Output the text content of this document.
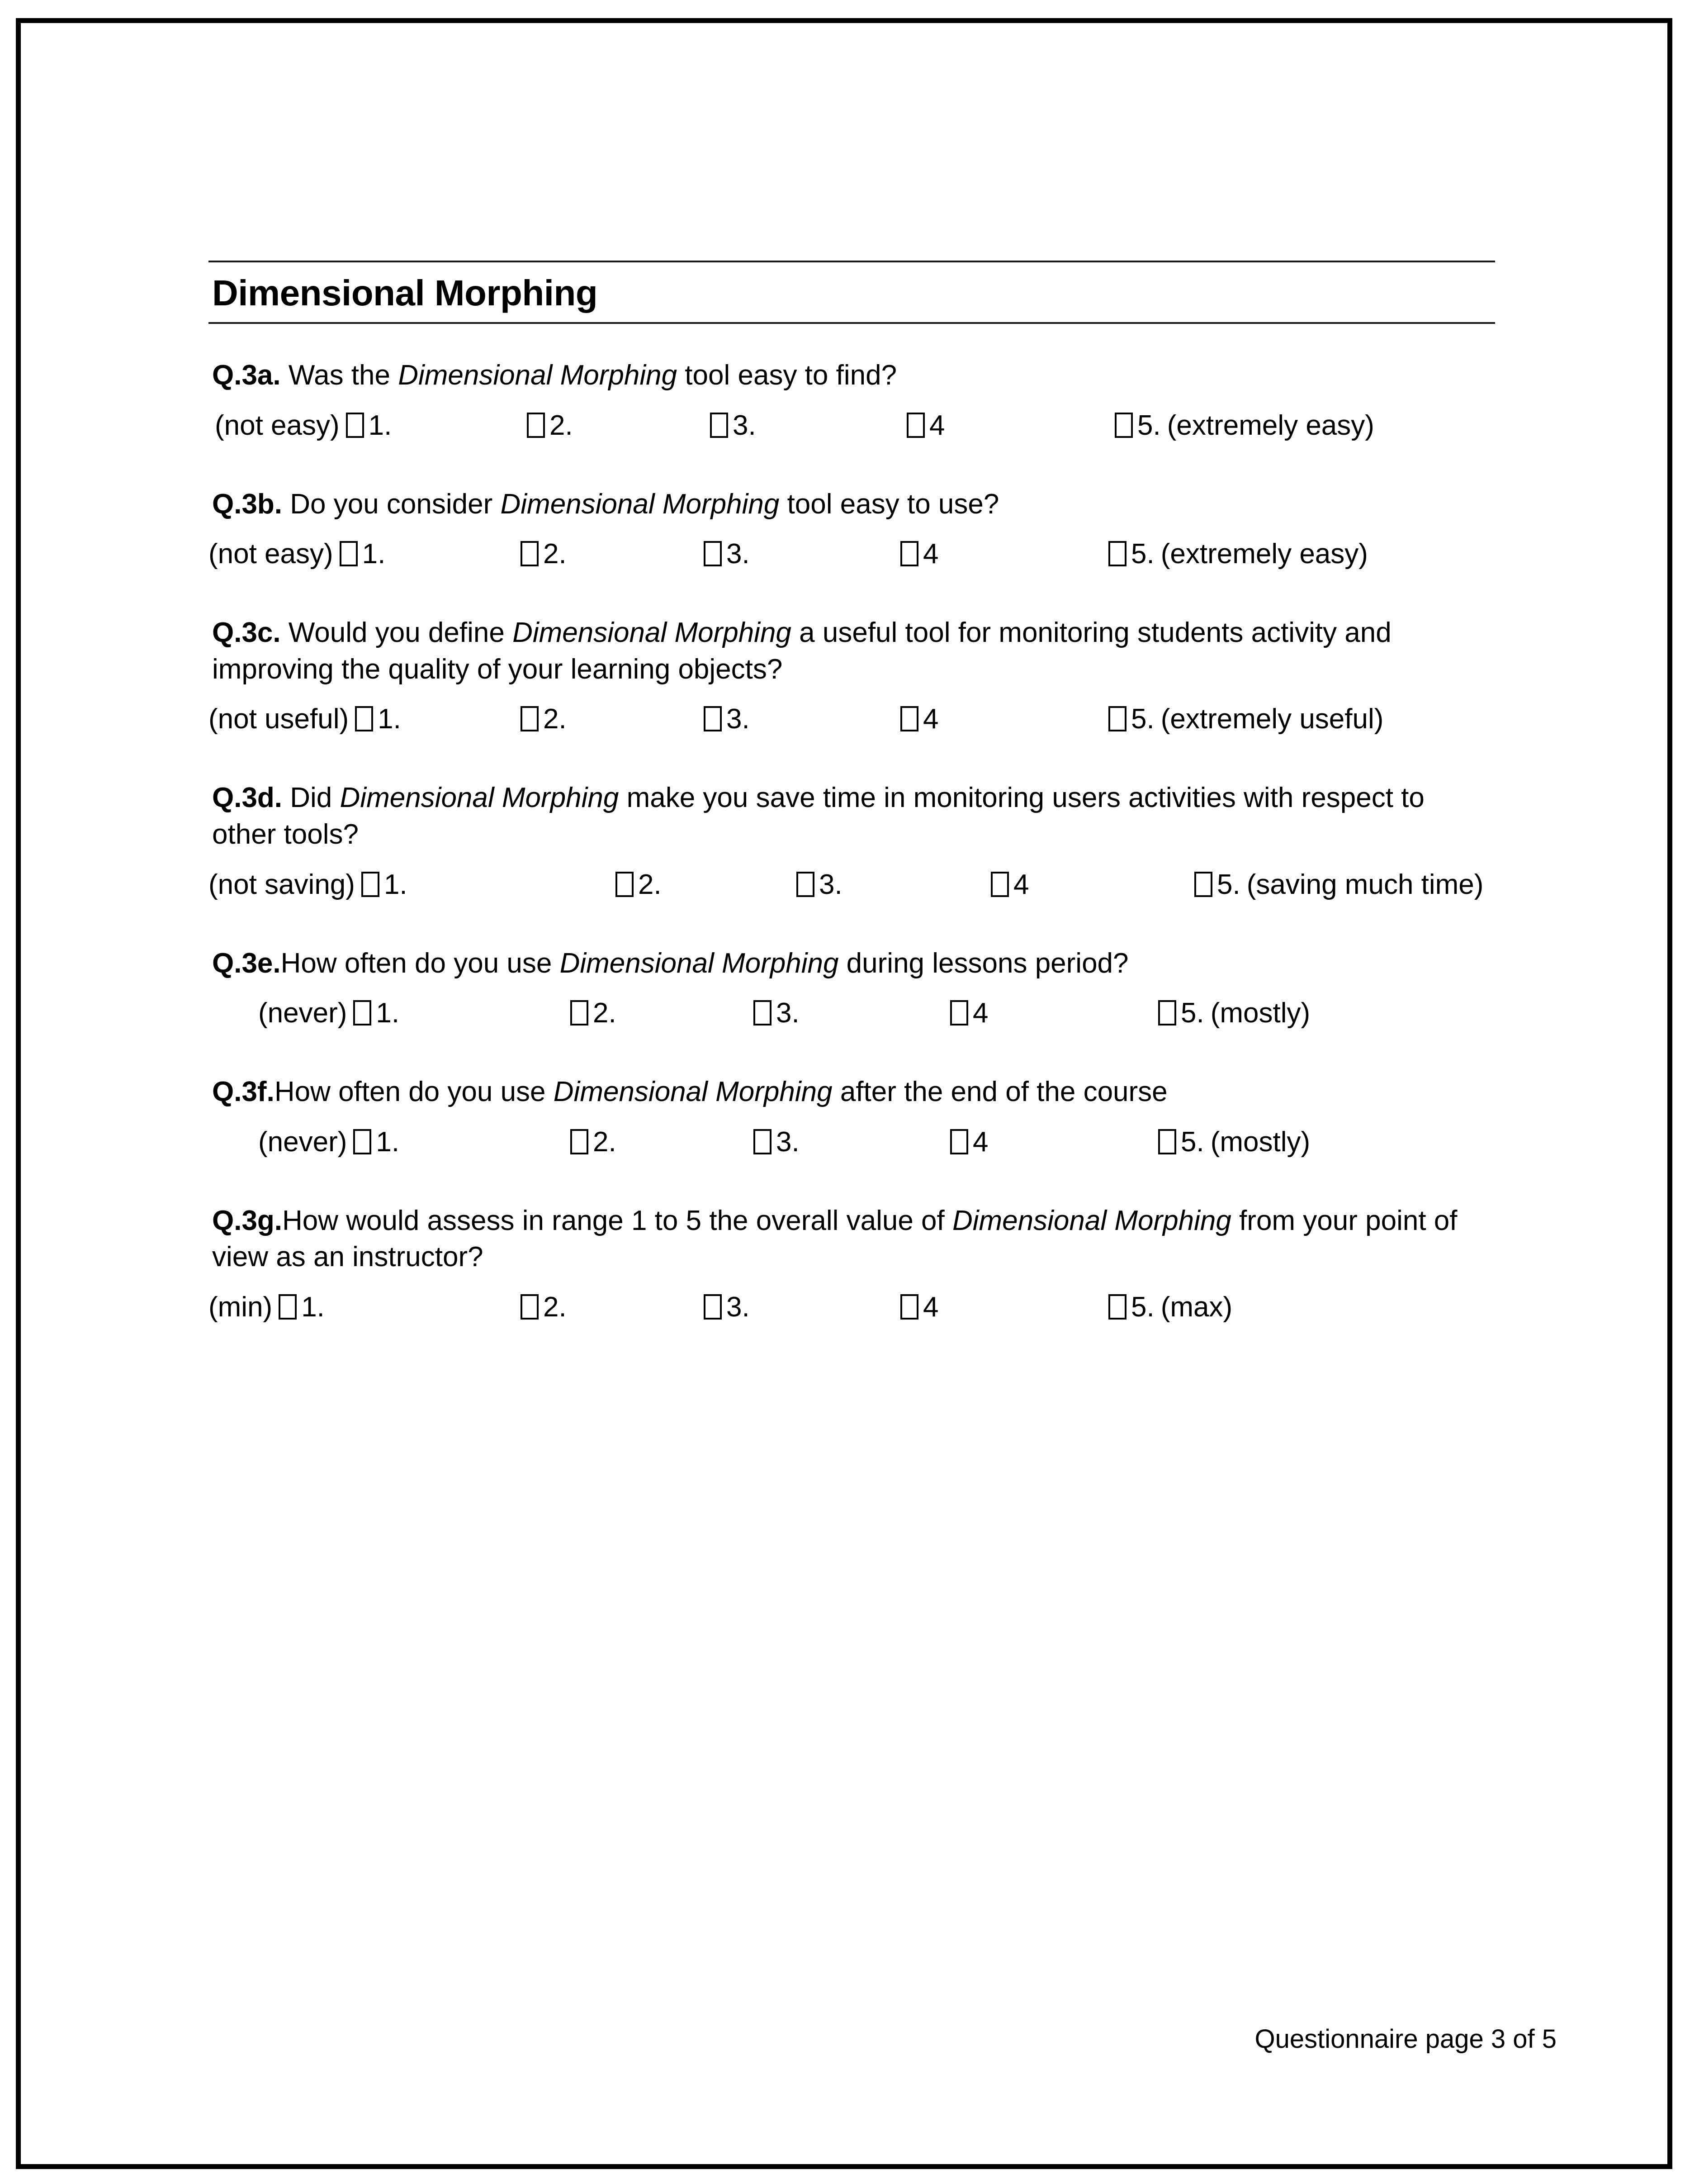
Dimensional Morphing
Q.3a. Was the Dimensional Morphing tool easy to find?
(not easy) 1.	2.	3.	4	5. (extremely easy)
Q.3b. Do you consider Dimensional Morphing tool easy to use?
(not easy) 1.	2.	3.	4	5. (extremely easy)
Q.3c. Would you define Dimensional Morphing a useful tool for monitoring students activity and improving the quality of your learning objects?
(not useful) 1.	2.	3.	4	5. (extremely useful)
Q.3d. Did Dimensional Morphing make you save time in monitoring users activities with respect to other tools?
(not saving) 1.	2.	3.	4	5. (saving much time)
Q.3e.How often do you use Dimensional Morphing during lessons period?
(never) 1.	2.	3.	4	5. (mostly)
Q.3f.How often do you use Dimensional Morphing after the end of the course
(never) 1.	2.	3.	4	5. (mostly)
Q.3g.How would assess in range 1 to 5 the overall value of Dimensional Morphing from your point of view as an instructor?
(min) 1.	2.	3.	4	5. (max)
Questionnaire page 3 of 5
